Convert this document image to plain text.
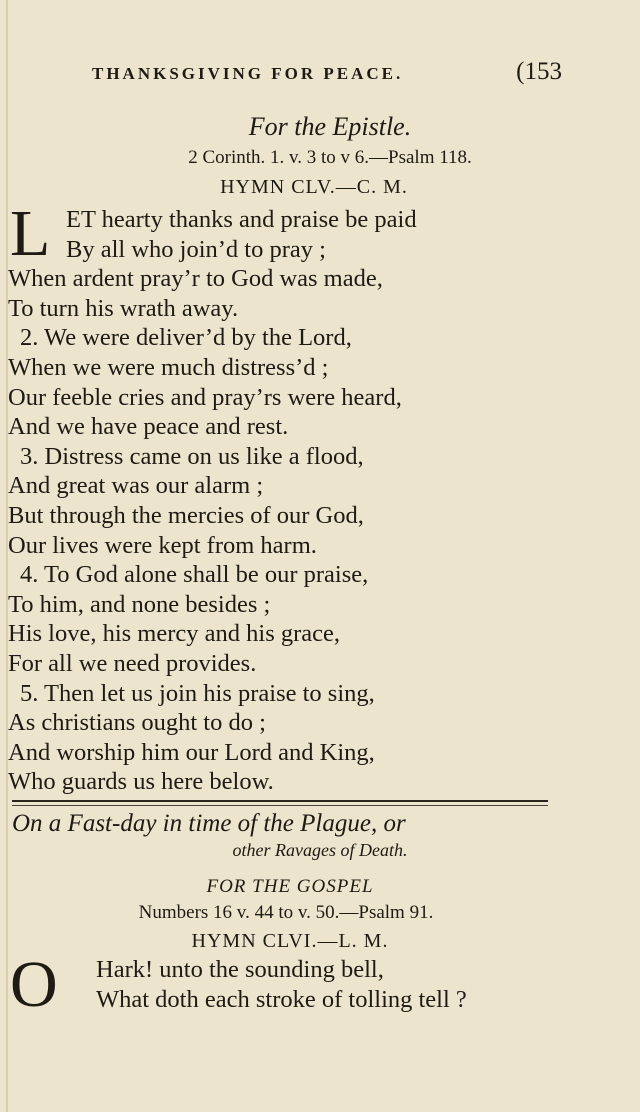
THANKSGIVING FOR PEACE.	(153
For the Epistle.
2 Corinth. 1. v. 3 to v 6.—Psalm 118.
HYMN CLV.—C. M.
L ET hearty thanks and praise be paid
By all who join’d to pray ;
When ardent pray’r to God was made,
To turn his wrath away.
2. We were deliver’d by the Lord,
When we were much distress’d ;
Our feeble cries and pray’rs were heard,
And we have peace and rest.
3. Distress came on us like a flood,
And great was our alarm ;
But through the mercies of our God,
Our lives were kept from harm.
4. To God alone shall be our praise,
To him, and none besides ;
His love, his mercy and his grace,
For all we need provides.
5. Then let us join his praise to sing,
As christians ought to do ;
And worship him our Lord and King,
Who guards us here below.
On a Fast-day in time of the Plague, or
other Ravages of Death.
FOR THE GOSPEL
Numbers 16 v. 44 to v. 50.—Psalm 91.
HYMN CLVI.—L. M.
O	Hark! unto the sounding bell,
What doth each stroke of tolling tell ?
